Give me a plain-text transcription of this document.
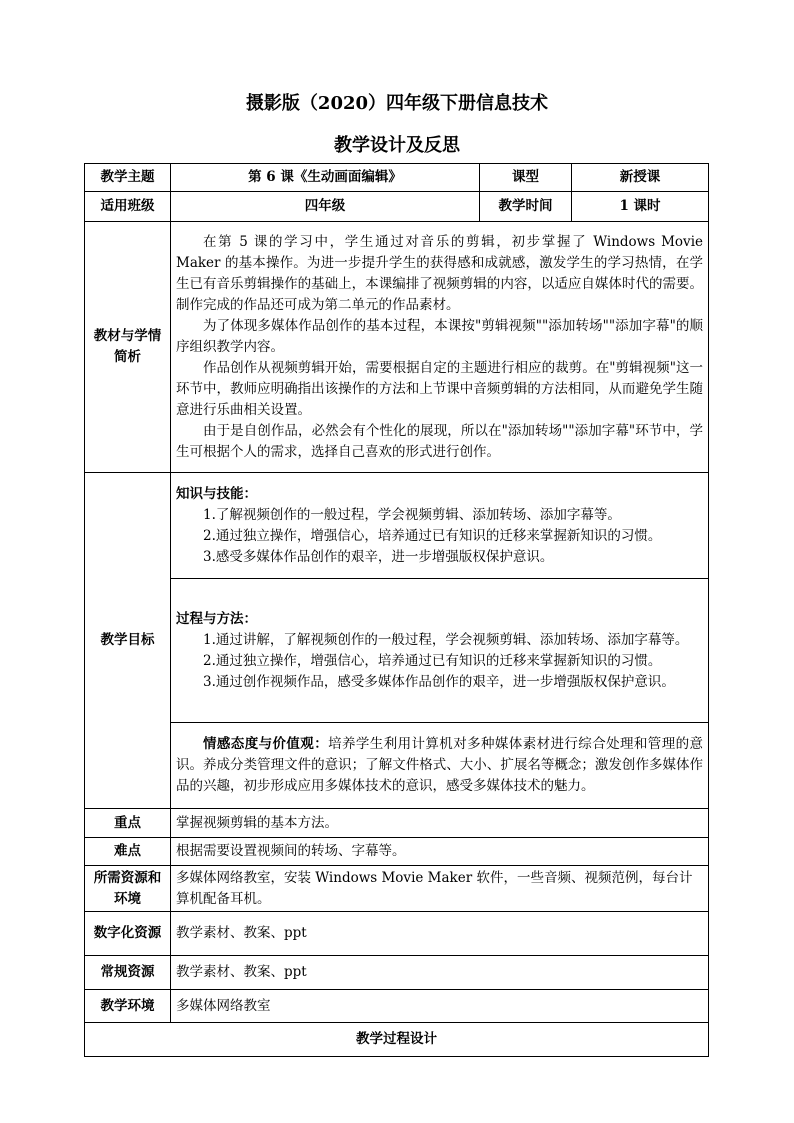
摄影版（2020）四年级下册信息技术
教学设计及反思
教学主题	第 6 课《生动画面编辑》	课型	新授课
适用班级	四年级	教学时间	1 课时
教材与学情简析	在第 5 课的学习中，学生通过对音乐的剪辑，初步掌握了 Windows Movie Maker 的基本操作。为进一步提升学生的获得感和成就感，激发学生的学习热情，在学生已有音乐剪辑操作的基础上，本课编排了视频剪辑的内容，以适应自媒体时代的需要。制作完成的作品还可成为第二单元的作品素材。
为了体现多媒体作品创作的基本过程，本课按"剪辑视频""添加转场""添加字幕"的顺序组织教学内容。
作品创作从视频剪辑开始，需要根据自定的主题进行相应的裁剪。在"剪辑视频"这一环节中，教师应明确指出该操作的方法和上节课中音频剪辑的方法相同，从而避免学生随意进行乐曲相关设置。
由于是自创作品，必然会有个性化的展现，所以在"添加转场""添加字幕"环节中，学生可根据个人的需求，选择自己喜欢的形式进行创作。		

教学目标	知识与技能：
1.了解视频创作的一般过程，学会视频剪辑、添加转场、添加字幕等。
2.通过独立操作，增强信心，培养通过已有知识的迁移来掌握新知识的习惯。
3.感受多媒体作品创作的艰辛，进一步增强版权保护意识。		

	过程与方法：
1.通过讲解，了解视频创作的一般过程，学会视频剪辑、添加转场、添加字幕等。
2.通过独立操作，增强信心，培养通过已有知识的迁移来掌握新知识的习惯。
3.通过创作视频作品，感受多媒体作品创作的艰辛，进一步增强版权保护意识。		

	情感态度与价值观：培养学生利用计算机对多种媒体素材进行综合处理和管理的意识。养成分类管理文件的意识；了解文件格式、大小、扩展名等概念；激发创作多媒体作品的兴趣，初步形成应用多媒体技术的意识，感受多媒体技术的魅力。		

重点	掌握视频剪辑的基本方法。		
难点	根据需要设置视频间的转场、字幕等。		
所需资源和环境	多媒体网络教室，安装 Windows Movie Maker 软件，一些音频、视频范例，每台计算机配备耳机。		
数字化资源	教学素材、教案、ppt		
常规资源	教学素材、教案、ppt		
教学环境	多媒体网络教室		
教学过程设计			
